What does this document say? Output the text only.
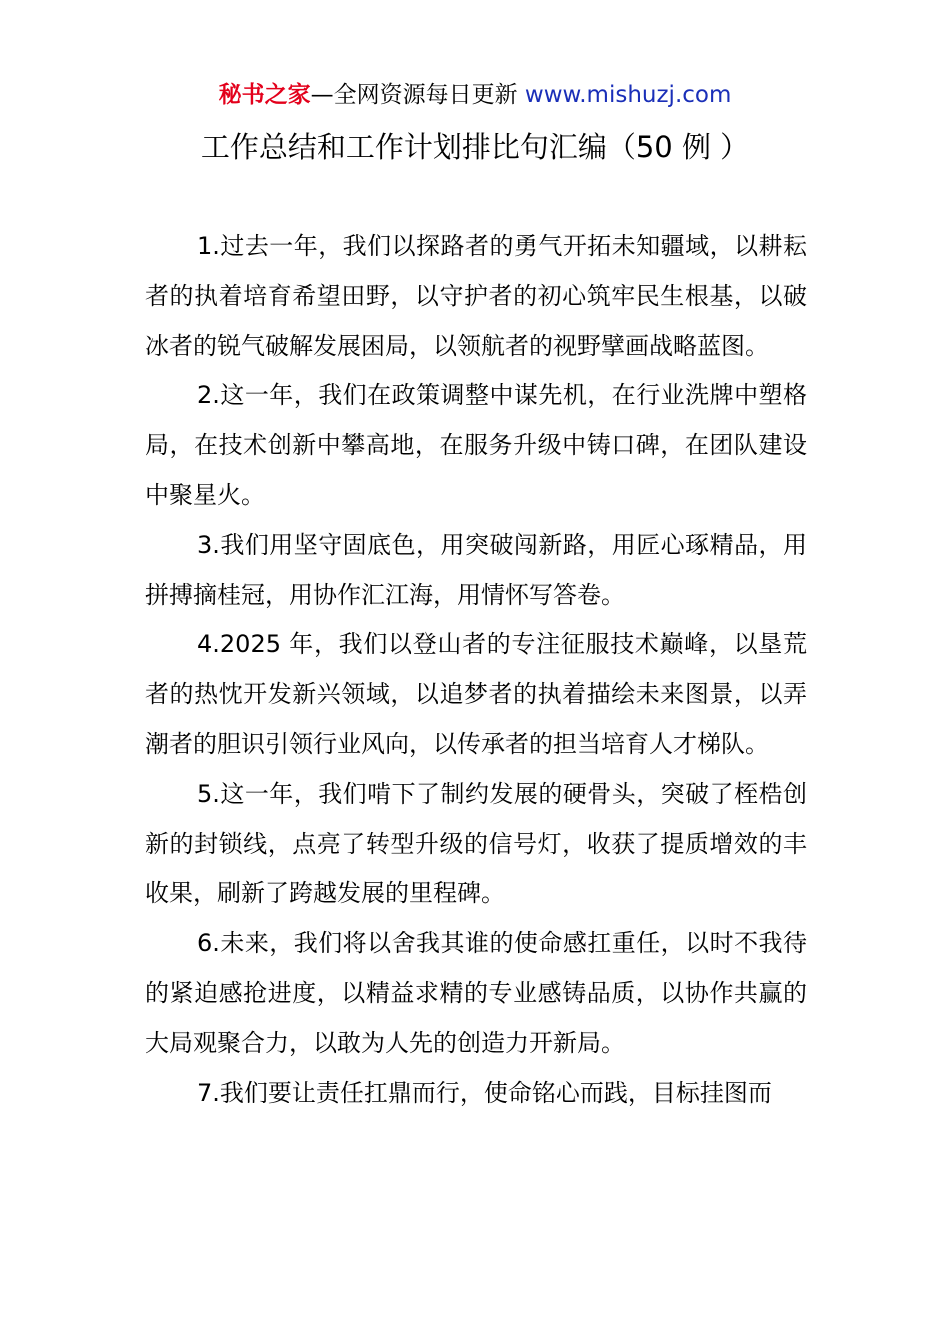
秘书之家—全网资源每日更新 www.mishuzj.com
工作总结和工作计划排比句汇编（50 例 ）

1.过去一年，我们以探路者的勇气开拓未知疆域，以耕耘者的执着培育希望田野，以守护者的初心筑牢民生根基，以破冰者的锐气破解发展困局，以领航者的视野擘画战略蓝图。

2.这一年，我们在政策调整中谋先机，在行业洗牌中塑格局，在技术创新中攀高地，在服务升级中铸口碑，在团队建设中聚星火。

3.我们用坚守固底色，用突破闯新路，用匠心琢精品，用拼搏摘桂冠，用协作汇江海，用情怀写答卷。

4.2025 年，我们以登山者的专注征服技术巅峰，以垦荒者的热忱开发新兴领域，以追梦者的执着描绘未来图景，以弄潮者的胆识引领行业风向，以传承者的担当培育人才梯队。

5.这一年，我们啃下了制约发展的硬骨头，突破了桎梏创新的封锁线，点亮了转型升级的信号灯，收获了提质增效的丰收果，刷新了跨越发展的里程碑。

6.未来，我们将以舍我其谁的使命感扛重任，以时不我待的紧迫感抢进度，以精益求精的专业感铸品质，以协作共赢的大局观聚合力，以敢为人先的创造力开新局。

7.我们要让责任扛鼎而行，使命铭心而践，目标挂图而
